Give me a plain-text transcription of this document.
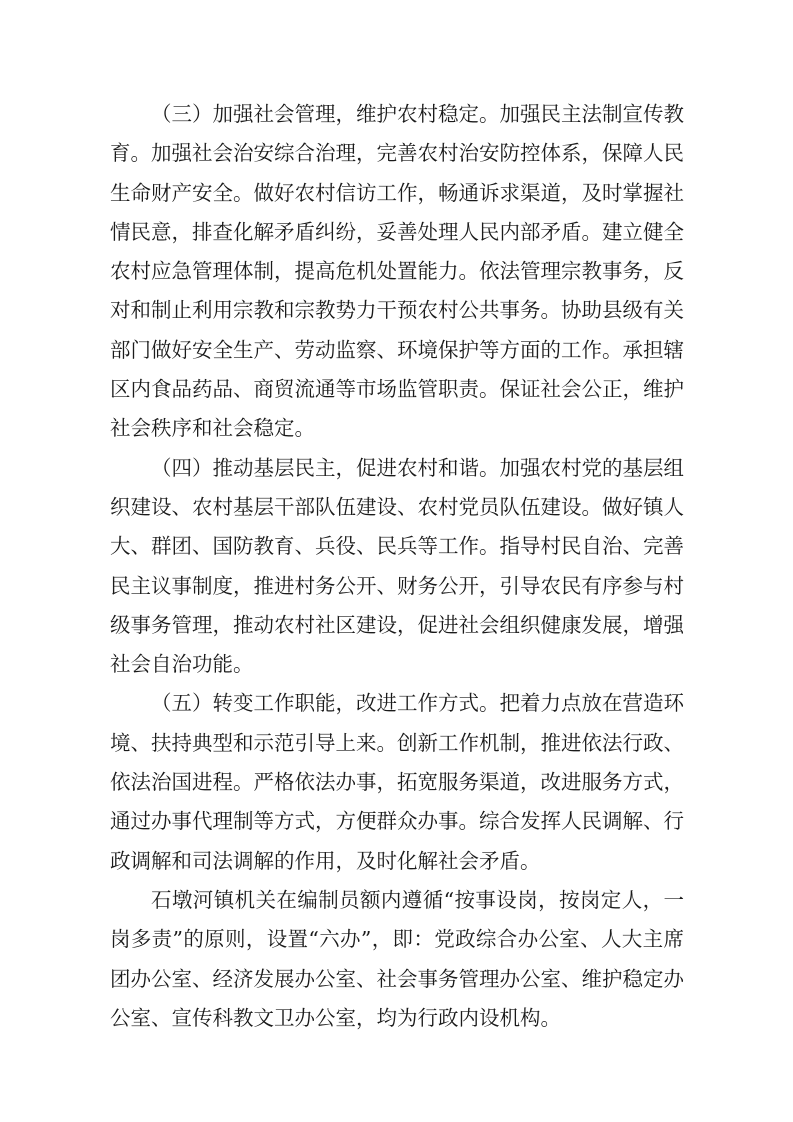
（三）加强社会管理，维护农村稳定。加强民主法制宣传教育。加强社会治安综合治理，完善农村治安防控体系，保障人民生命财产安全。做好农村信访工作，畅通诉求渠道，及时掌握社情民意，排查化解矛盾纠纷，妥善处理人民内部矛盾。建立健全农村应急管理体制，提高危机处置能力。依法管理宗教事务，反对和制止利用宗教和宗教势力干预农村公共事务。协助县级有关部门做好安全生产、劳动监察、环境保护等方面的工作。承担辖区内食品药品、商贸流通等市场监管职责。保证社会公正，维护社会秩序和社会稳定。

（四）推动基层民主，促进农村和谐。加强农村党的基层组织建设、农村基层干部队伍建设、农村党员队伍建设。做好镇人大、群团、国防教育、兵役、民兵等工作。指导村民自治、完善民主议事制度，推进村务公开、财务公开，引导农民有序参与村级事务管理，推动农村社区建设，促进社会组织健康发展，增强社会自治功能。

（五）转变工作职能，改进工作方式。把着力点放在营造环境、扶持典型和示范引导上来。创新工作机制，推进依法行政、依法治国进程。严格依法办事，拓宽服务渠道，改进服务方式，通过办事代理制等方式，方便群众办事。综合发挥人民调解、行政调解和司法调解的作用，及时化解社会矛盾。

石墩河镇机关在编制员额内遵循“按事设岗，按岗定人，一岗多责”的原则，设置“六办”，即：党政综合办公室、人大主席团办公室、经济发展办公室、社会事务管理办公室、维护稳定办公室、宣传科教文卫办公室，均为行政内设机构。
